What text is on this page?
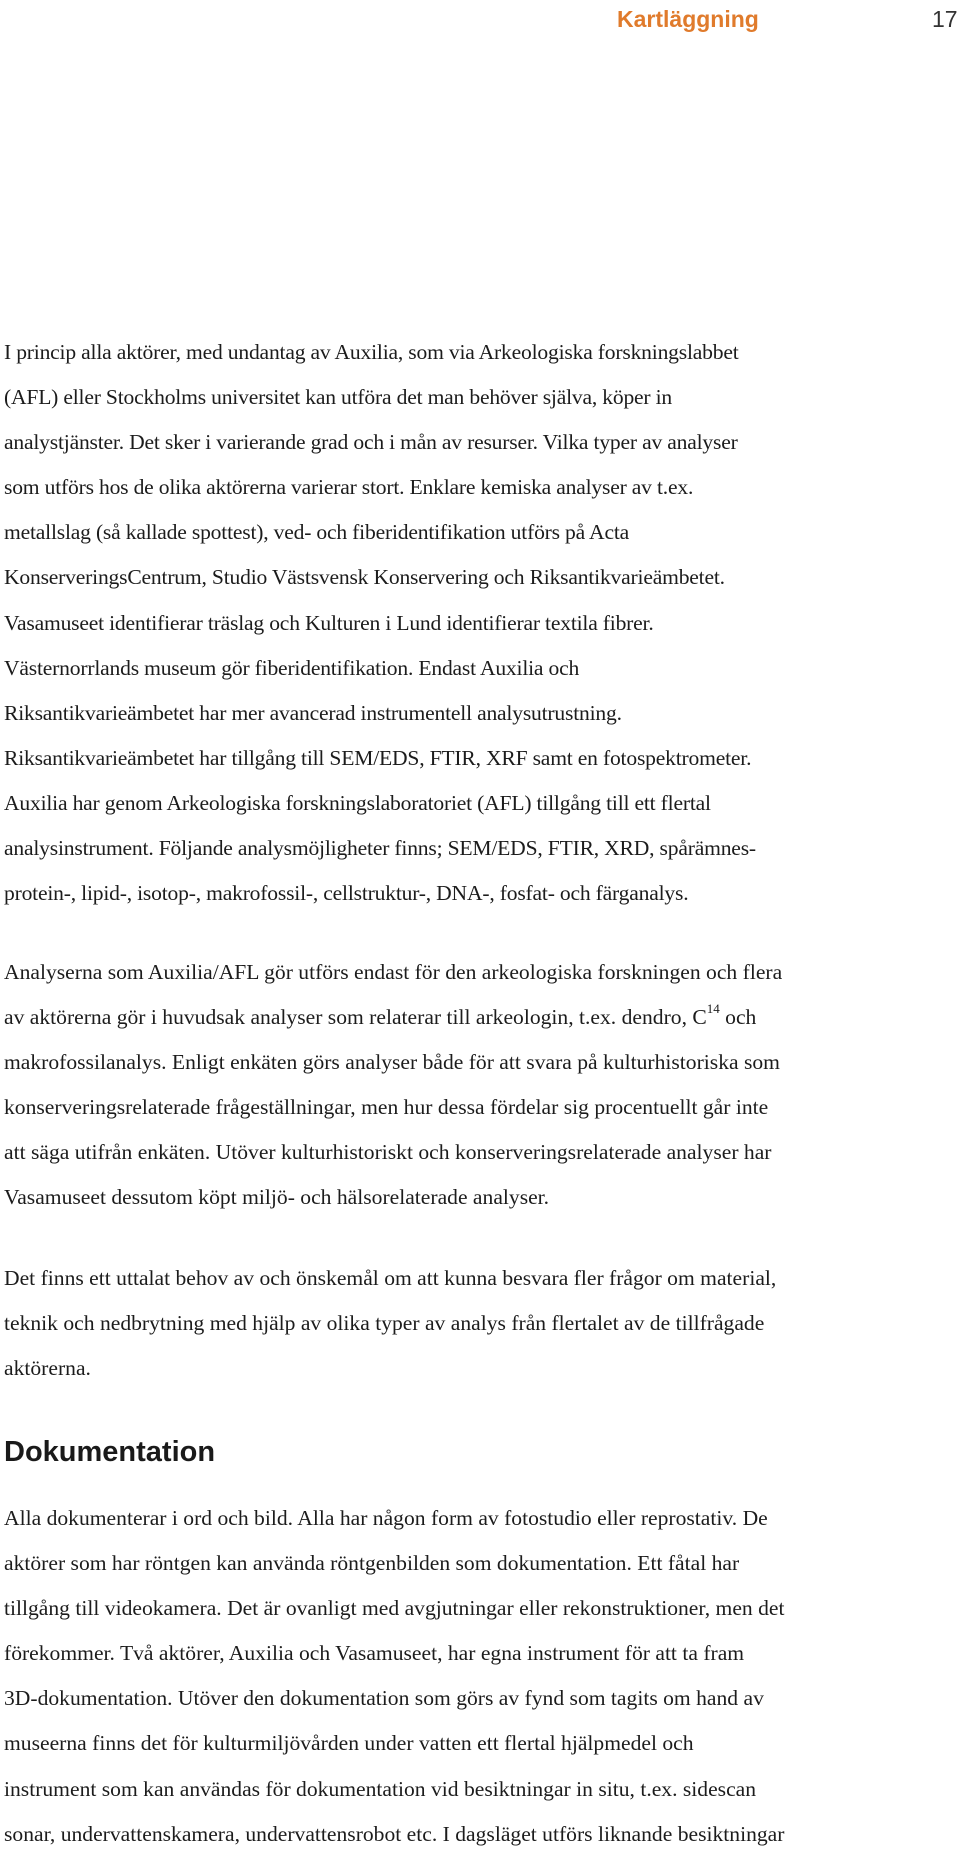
Kartläggning	17
I princip alla aktörer, med undantag av Auxilia, som via Arkeologiska forskningslabbet
(AFL) eller Stockholms universitet kan utföra det man behöver själva, köper in
analystjänster. Det sker i varierande grad och i mån av resurser. Vilka typer av analyser
som utförs hos de olika aktörerna varierar stort. Enklare kemiska analyser av t.ex.
metallslag (så kallade spottest), ved- och fiberidentifikation utförs på Acta
KonserveringsCentrum, Studio Västsvensk Konservering och Riksantikvarieämbetet.
Vasamuseet identifierar träslag och Kulturen i Lund identifierar textila fibrer.
Västernorrlands museum gör fiberidentifikation. Endast Auxilia och
Riksantikvarieämbetet har mer avancerad instrumentell analysutrustning.
Riksantikvarieämbetet har tillgång till SEM/EDS, FTIR, XRF samt en fotospektrometer.
Auxilia har genom Arkeologiska forskningslaboratoriet (AFL) tillgång till ett flertal
analysinstrument. Följande analysmöjligheter finns; SEM/EDS, FTIR, XRD, spårämnes-
protein-, lipid-, isotop-, makrofossil-, cellstruktur-, DNA-, fosfat- och färganalys.
Analyserna som Auxilia/AFL gör utförs endast för den arkeologiska forskningen och flera
av aktörerna gör i huvudsak analyser som relaterar till arkeologin, t.ex. dendro, $C^{14}$ och
makrofossilanalys. Enligt enkäten görs analyser både för att svara på kulturhistoriska som
konserveringsrelaterade frågeställningar, men hur dessa fördelar sig procentuellt går inte
att säga utifrån enkäten. Utöver kulturhistoriskt och konserveringsrelaterade analyser har
Vasamuseet dessutom köpt miljö- och hälsorelaterade analyser.
Det finns ett uttalat behov av och önskemål om att kunna besvara fler frågor om material,
teknik och nedbrytning med hjälp av olika typer av analys från flertalet av de tillfrågade
aktörerna.
Dokumentation
Alla dokumenterar i ord och bild. Alla har någon form av fotostudio eller reprostativ. De
aktörer som har röntgen kan använda röntgenbilden som dokumentation. Ett fåtal har
tillgång till videokamera. Det är ovanligt med avgjutningar eller rekonstruktioner, men det
förekommer. Två aktörer, Auxilia och Vasamuseet, har egna instrument för att ta fram
3D-dokumentation. Utöver den dokumentation som görs av fynd som tagits om hand av
museerna finns det för kulturmiljövården under vatten ett flertal hjälpmedel och
instrument som kan användas för dokumentation vid besiktningar in situ, t.ex. sidescan
sonar, undervattenskamera, undervattensrobot etc. I dagsläget utförs liknande besiktningar
